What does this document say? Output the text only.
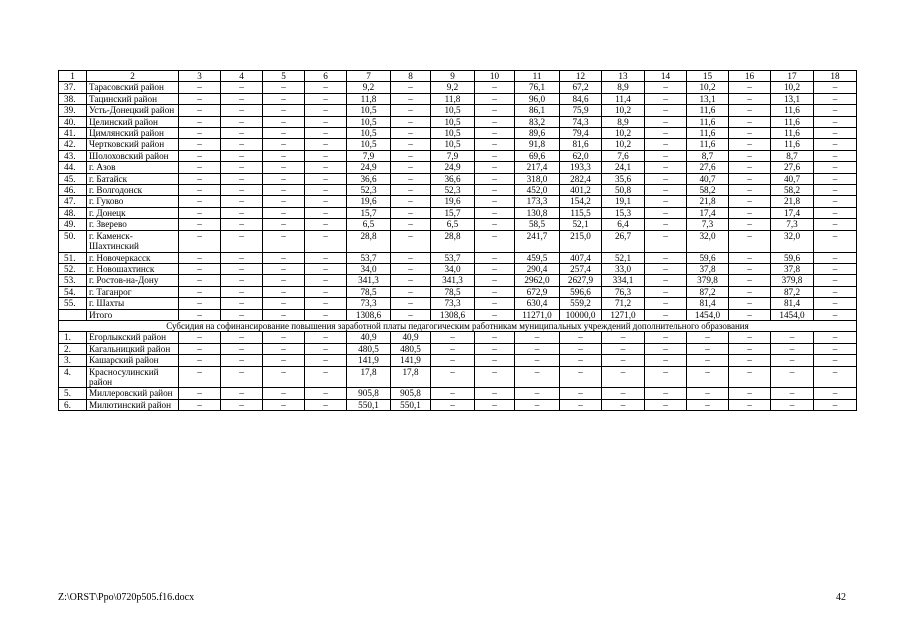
1	2	3	4	5	6	7	8	9	10	11	12	13	14	15	16	17	18
37.	Тарасовский район	–	–	–	–	9,2	–	9,2	–	76,1	67,2	8,9	–	10,2	–	10,2	–
38.	Тацинский район	–	–	–	–	11,8	–	11,8	–	96,0	84,6	11,4	–	13,1	–	13,1	–
39.	Усть-Донецкий район	–	–	–	–	10,5	–	10,5	–	86,1	75,9	10,2	–	11,6	–	11,6	–
40.	Целинский район	–	–	–	–	10,5	–	10,5	–	83,2	74,3	8,9	–	11,6	–	11,6	–
41.	Цимлянский район	–	–	–	–	10,5	–	10,5	–	89,6	79,4	10,2	–	11,6	–	11,6	–
42.	Чертковский район	–	–	–	–	10,5	–	10,5	–	91,8	81,6	10,2	–	11,6	–	11,6	–
43.	Шолоховский район	–	–	–	–	7,9	–	7,9	–	69,6	62,0	7,6	–	8,7	–	8,7	–
44.	г. Азов	–	–	–	–	24,9	–	24,9	–	217,4	193,3	24,1	–	27,6	–	27,6	–
45.	г. Батайск	–	–	–	–	36,6	–	36,6	–	318,0	282,4	35,6	–	40,7	–	40,7	–
46.	г. Волгодонск	–	–	–	–	52,3	–	52,3	–	452,0	401,2	50,8	–	58,2	–	58,2	–
47.	г. Гуково	–	–	–	–	19,6	–	19,6	–	173,3	154,2	19,1	–	21,8	–	21,8	–
48.	г. Донецк	–	–	–	–	15,7	–	15,7	–	130,8	115,5	15,3	–	17,4	–	17,4	–
49.	г. Зверево	–	–	–	–	6,5	–	6,5	–	58,5	52,1	6,4	–	7,3	–	7,3	–
50.	г. Каменск-Шахтинский	–	–	–	–	28,8	–	28,8	–	241,7	215,0	26,7	–	32,0	–	32,0	–
51.	г. Новочеркасск	–	–	–	–	53,7	–	53,7	–	459,5	407,4	52,1	–	59,6	–	59,6	–
52.	г. Новошахтинск	–	–	–	–	34,0	–	34,0	–	290,4	257,4	33,0	–	37,8	–	37,8	–
53.	г. Ростов-на-Дону	–	–	–	–	341,3	–	341,3	–	2962,0	2627,9	334,1	–	379,8	–	379,8	–
54.	г. Таганрог	–	–	–	–	78,5	–	78,5	–	672,9	596,6	76,3	–	87,2	–	87,2	–
55.	г. Шахты	–	–	–	–	73,3	–	73,3	–	630,4	559,2	71,2	–	81,4	–	81,4	–
	Итого	–	–	–	–	1308,6	–	1308,6	–	11271,0	10000,0	1271,0	–	1454,0	–	1454,0	–
Субсидия на софинансирование повышения заработной платы педагогическим работникам муниципальных учреждений дополнительного образования																	
1.	Егорлыкский район	–	–	–	–	40,9	40,9	–	–	–	–	–	–	–	–	–	–
2.	Кагальницкий район	–	–	–	–	480,5	480,5	–	–	–	–	–	–	–	–	–	–
3.	Кашарский район	–	–	–	–	141,9	141,9	–	–	–	–	–	–	–	–	–	–
4.	Красносулинский район	–	–	–	–	17,8	17,8	–	–	–	–	–	–	–	–	–	–
5.	Миллеровский район	–	–	–	–	905,8	905,8	–	–	–	–	–	–	–	–	–	–
6.	Милютинский район	–	–	–	–	550,1	550,1	–	–	–	–	–	–	–	–	–	–
Z:\ORST\Ppo\0720p505.f16.docx	42
